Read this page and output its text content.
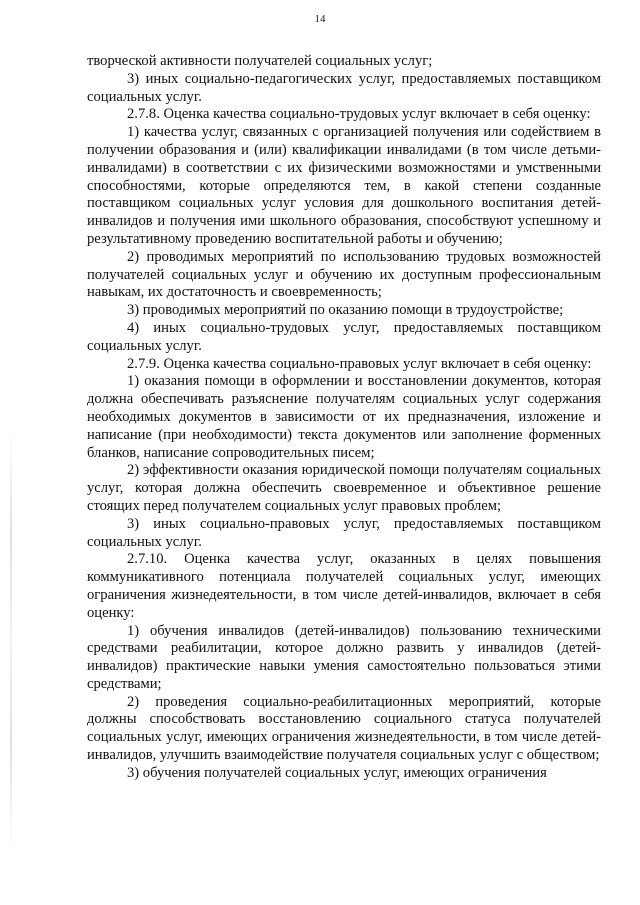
14

творческой активности получателей социальных услуг;

3) иных социально-педагогических услуг, предоставляемых поставщиком социальных услуг.

2.7.8. Оценка качества социально-трудовых услуг включает в себя оценку:

1) качества услуг, связанных с организацией получения или содействием в получении образования и (или) квалификации инвалидами (в том числе детьми-инвалидами) в соответствии с их физическими возможностями и умственными способностями, которые определяются тем, в какой степени созданные поставщиком социальных услуг условия для дошкольного воспитания детей-инвалидов и получения ими школьного образования, способствуют успешному и результативному проведению воспитательной работы и обучению;

2) проводимых мероприятий по использованию трудовых возможностей получателей социальных услуг и обучению их доступным профессиональным навыкам, их достаточность и своевременность;

3) проводимых мероприятий по оказанию помощи в трудоустройстве;

4) иных социально-трудовых услуг, предоставляемых поставщиком социальных услуг.

2.7.9. Оценка качества социально-правовых услуг включает в себя оценку:

1) оказания помощи в оформлении и восстановлении документов, которая должна обеспечивать разъяснение получателям социальных услуг содержания необходимых документов в зависимости от их предназначения, изложение и написание (при необходимости) текста документов или заполнение форменных бланков, написание сопроводительных писем;

2) эффективности оказания юридической помощи получателям социальных услуг, которая должна обеспечить своевременное и объективное решение стоящих перед получателем социальных услуг правовых проблем;

3) иных социально-правовых услуг, предоставляемых поставщиком социальных услуг.

2.7.10. Оценка качества услуг, оказанных в целях повышения коммуникативного потенциала получателей социальных услуг, имеющих ограничения жизнедеятельности, в том числе детей-инвалидов, включает в себя оценку:

1) обучения инвалидов (детей-инвалидов) пользованию техническими средствами реабилитации, которое должно развить у инвалидов (детей-инвалидов) практические навыки умения самостоятельно пользоваться этими средствами;

2) проведения социально-реабилитационных мероприятий, которые должны способствовать восстановлению социального статуса получателей социальных услуг, имеющих ограничения жизнедеятельности, в том числе детей-инвалидов, улучшить взаимодействие получателя социальных услуг с обществом;

3) обучения получателей социальных услуг, имеющих ограничения
